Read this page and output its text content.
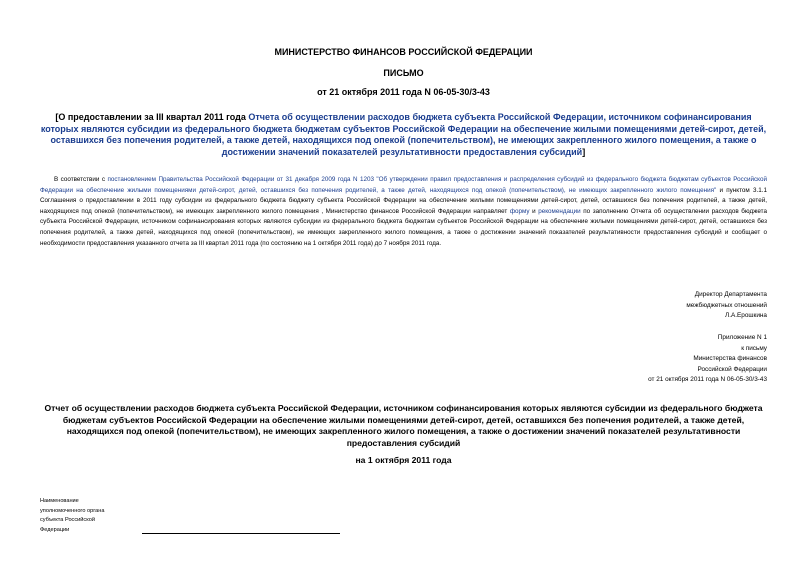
МИНИСТЕРСТВО ФИНАНСОВ РОССИЙСКОЙ ФЕДЕРАЦИИ
ПИСЬМО
от 21 октября 2011 года N 06-05-30/3-43
[О предоставлении за III квартал 2011 года Отчета об осуществлении расходов бюджета субъекта Российской Федерации, источником софинансирования которых являются субсидии из федерального бюджета бюджетам субъектов Российской Федерации на обеспечение жилыми помещениями детей-сирот, детей, оставшихся без попечения родителей, а также детей, находящихся под опекой (попечительством), не имеющих закрепленного жилого помещения, а также о достижении значений показателей результативности предоставления субсидий]

В соответствии с постановлением Правительства Российской Федерации от 31 декабря 2009 года N 1203 "Об утверждении правил предоставления и распределения субсидий из федерального бюджета бюджетам субъектов Российской Федерации на обеспечение жилыми помещениями детей-сирот, детей, оставшихся без попечения родителей, а также детей, находящихся под опекой (попечительством), не имеющих закрепленного жилого помещения" и пунктом 3.1.1 Соглашения о предоставлении в 2011 году субсидии из федерального бюджета бюджету субъекта Российской Федерации на обеспечение жилыми помещениями детей-сирот, детей, оставшихся без попечения родителей, а также детей, находящихся под опекой (попечительством), не имеющих закрепленного жилого помещения , Министерство финансов Российской Федерации направляет форму и рекомендации по заполнению Отчета об осуществлении расходов бюджета субъекта Российской Федерации, источником софинансирования которых являются субсидии из федерального бюджета бюджетам субъектов Российской Федерации на обеспечение жилыми помещениями детей-сирот, детей, оставшихся без попечения родителей, а также детей, находящихся под опекой (попечительством), не имеющих закрепленного жилого помещения, а также о достижении значений показателей результативности предоставления субсидий и сообщает о необходимости предоставления указанного отчета за III квартал 2011 года (по состоянию на 1 октября 2011 года) до 7 ноября 2011 года.

Директор Департамента
межбюджетных отношений
Л.А.Ерошкина
Приложение N 1
к письму
Министерства финансов
Российской Федерации
от 21 октября 2011 года N 06-05-30/3-43
Отчет об осуществлении расходов бюджета субъекта Российской Федерации, источником софинансирования которых являются субсидии из федерального бюджета бюджетам субъектов Российской Федерации на обеспечение жилыми помещениями детей-сирот, детей, оставшихся без попечения родителей, а также детей, находящихся под опекой (попечительством), не имеющих закрепленного жилого помещения, а также о достижении значений показателей результативности предоставления субсидий
на 1 октября 2011 года
Наименование
уполномоченного органа
субъекта Российской
Федерации
